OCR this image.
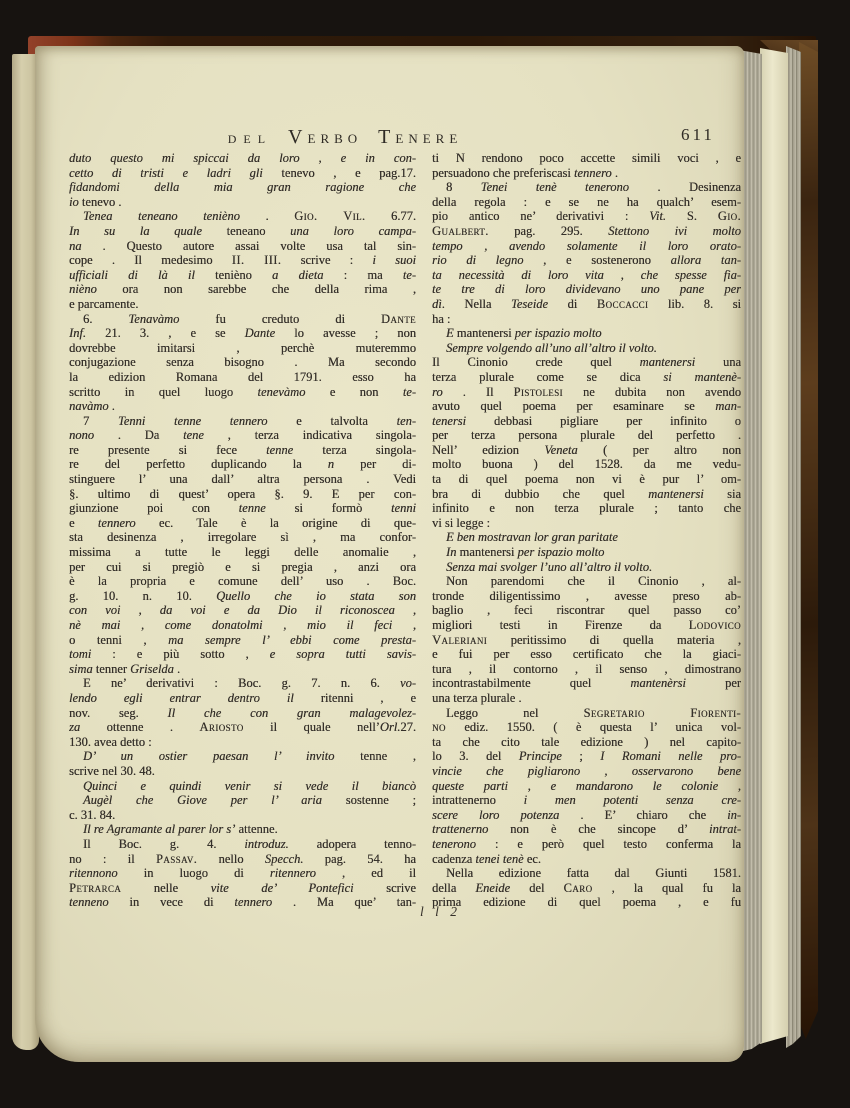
DEL VERBO TENERE	611
duto questo mi spiccai da loro , e in con-
cetto di tristi e ladri gli tenevo , e pag.17.
fidandomi della mia gran ragione che
io tenevo .
Tenea teneano tenièno . Gio. Vil. 6.77.
In su la quale teneano una loro campa-
na . Questo autore assai volte usa tal sin-
cope . Il medesimo II. III. scrive : i suoi
ufficiali di là il tenièno a dieta : ma te-
nièno ora non sarebbe che della rima ,
e parcamente.
6. Tenavàmo fu creduto di Dante
Inf. 21. 3. , e se Dante lo avesse ; non
dovrebbe imitarsi , perchè muteremmo
conjugazione senza bisogno . Ma secondo
la edizion Romana del 1791. esso ha
scritto in quel luogo tenevàmo e non te-
navàmo .
7 Tenni tenne tennero e talvolta ten-
nono . Da tene , terza indicativa singola-
re presente si fece tenne terza singola-
re del perfetto duplicando la n per di-
stinguere l’ una dall’ altra persona . Vedi
§. ultimo di quest’ opera §. 9. E per con-
giunzione poi con tenne si formò tenni
e tennero ec. Tale è la origine di que-
sta desinenza , irregolare sì , ma confor-
missima a tutte le leggi delle anomalie ,
per cui si pregiò e si pregia , anzi ora
è la propria e comune dell’ uso . Boc.
g. 10. n. 10. Quello che io stata son
con voi , da voi e da Dio il riconoscea ,
nè mai , come donatolmi , mio il feci ,
o tenni , ma sempre l’ ebbi come presta-
tomi : e più sotto , e sopra tutti savis-
sima tenner Griselda .
E ne’ derivativi : Boc. g. 7. n. 6. vo-
lendo egli entrar dentro il ritenni , e
nov. seg. Il che con gran malagevolez-
za ottenne . Ariosto il quale nell’Orl.27.
130. avea detto :
D’ un ostier paesan l’ invito tenne ,
scrive nel 30. 48.
Quinci e quindi venir si vede il biancò
Augèl che Giove per l’ aria sostenne ;
c. 31. 84.
Il re Agramante al parer lor s’ attenne.
Il Boc. g. 4. introduz. adopera tenno-
no : il Passav. nello Specch. pag. 54. ha
ritennono in luogo di ritennero , ed il
Petrarca nelle vite de’ Pontefici scrive
tenneno in vece di tennero . Ma que’ tan-
ti N rendono poco accette simili voci , e
persuadono che preferiscasi tennero .
8 Tenei tenè tenerono . Desinenza
della regola : e se ne ha qualch’ esem-
pio antico ne’ derivativi : Vit. S. Gio.
Gualbert. pag. 295. Stettono ivi molto
tempo , avendo solamente il loro orato-
rio di legno , e sostenerono allora tan-
ta necessità di loro vita , che spesse fia-
te tre di loro dividevano uno pane per
dì. Nella Teseide di Boccacci lib. 8. si
ha :
E mantenersi per ispazio molto
Sempre volgendo all’uno all’altro il volto.
Il Cinonio crede quel mantenersi una
terza plurale come se dica si mantenè-
ro . Il Pistolesi ne dubita non avendo
avuto quel poema per esaminare se man-
tenersi debbasi pigliare per infinito o
per terza persona plurale del perfetto .
Nell’ edizion Veneta ( per altro non
molto buona ) del 1528. da me vedu-
ta di quel poema non vi è pur l’ om-
bra di dubbio che quel mantenersi sia
infinito e non terza plurale ; tanto che
vi si legge :
E ben mostravan lor gran paritate
In mantenersi per ispazio molto
Senza mai svolger l’uno all’altro il volto.
Non parendomi che il Cinonio , al-
tronde diligentissimo , avesse preso ab-
baglio , feci riscontrar quel passo co’
migliori testi in Firenze da Lodovico
Valeriani peritissimo di quella materia ,
e fui per esso certificato che la giaci-
tura , il contorno , il senso , dimostrano
incontrastabilmente quel mantenèrsi per
una terza plurale .
Leggo nel Segretario Fiorenti-
no ediz. 1550. ( è questa l’ unica vol-
ta che cito tale edizione ) nel capito-
lo 3. del Principe ; I Romani nelle pro-
vincie che pigliarono , osservarono bene
queste parti , e mandarono le colonie ,
intrattenerno i men potenti senza cre-
scere loro potenza . E’ chiaro che in-
trattenerno non è che sincope d’ intrat-
tenerono : e però quel testo conferma la
cadenza tenei tenè ec.
Nella edizione fatta dal Giunti 1581.
della Eneide del Caro , la qual fu la
prima edizione di quel poema , e fu
l l 2
